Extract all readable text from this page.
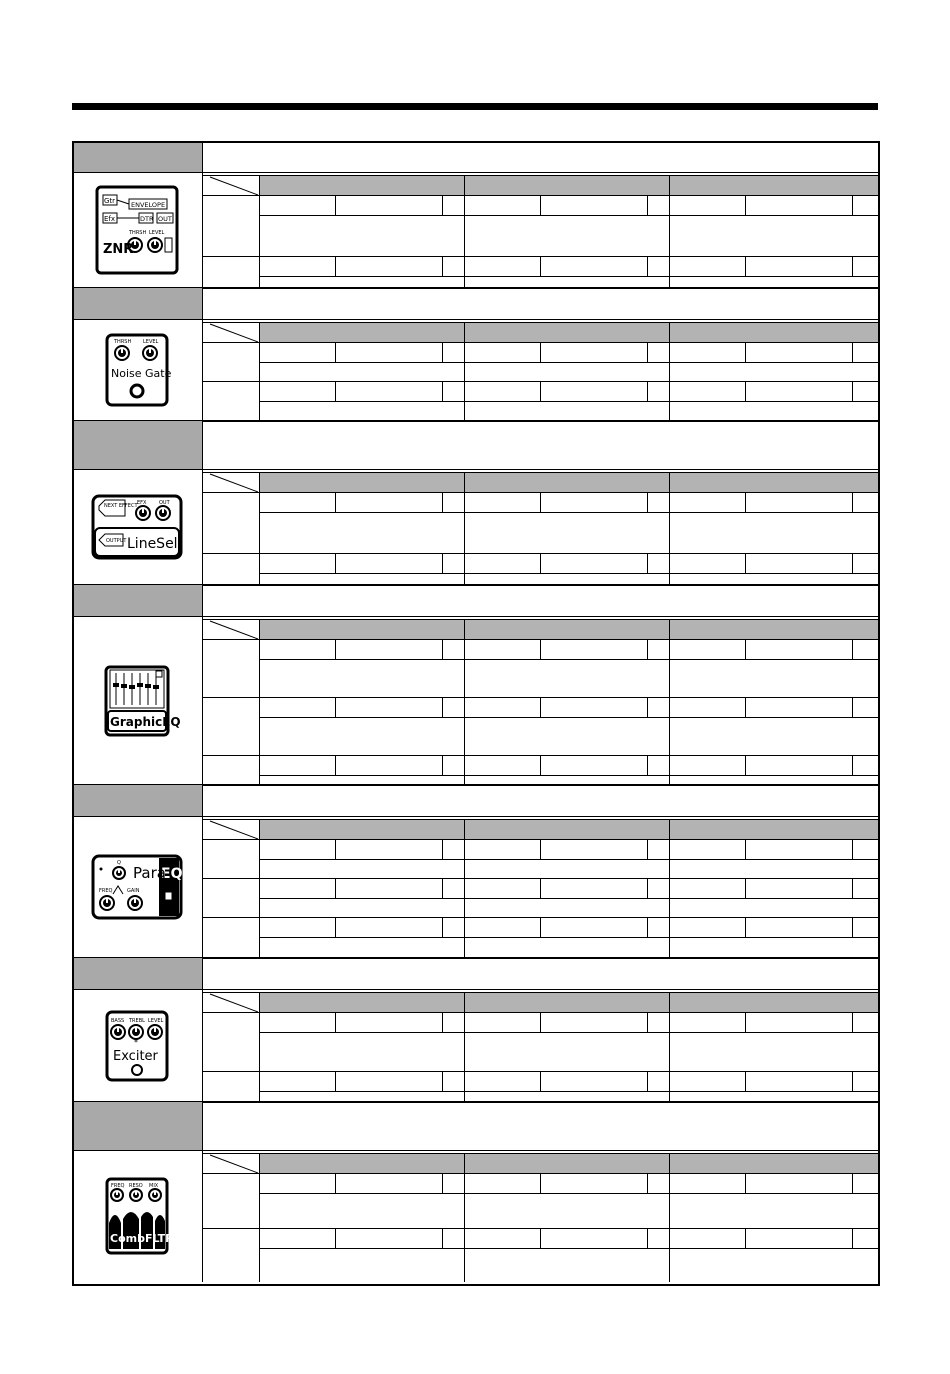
Gtr
Efx
ENVELOPE
DTR OUT
THRSH LEVEL
ZNR
THRSH LEVEL
Noise Gate
NEXT EFFECT EFX	OUT
OUTPUT LineSel
GraphicEQ
EQ
Para
Q
FREQ	GAIN
BASS TREBL LEVEL
*
Exciter
FREQ RESO MIX
CombFLTR
